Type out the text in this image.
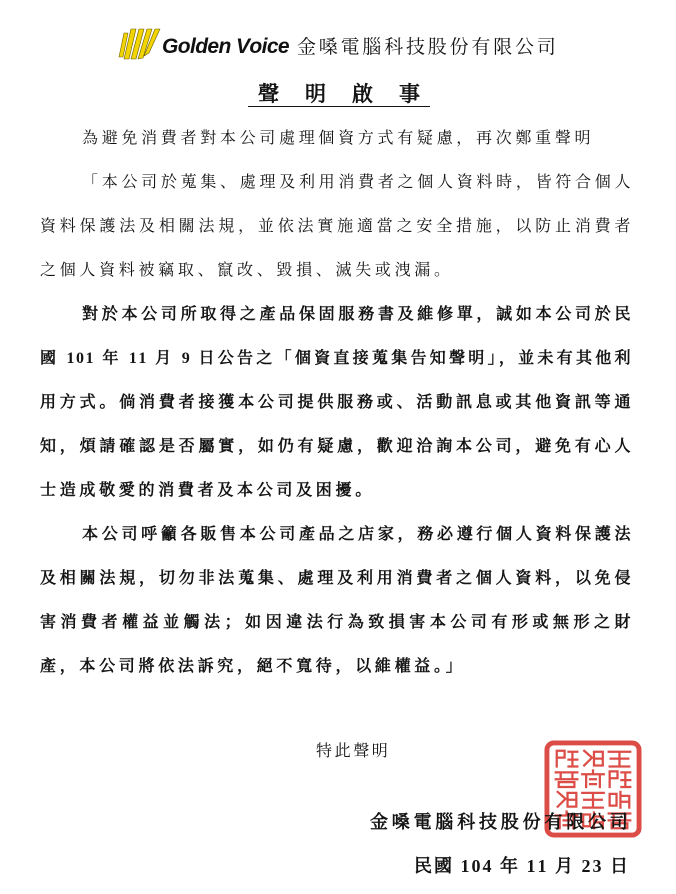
Golden Voice 金嗓電腦科技股份有限公司
聲明啟事
為避免消費者對本公司處理個資方式有疑慮，再次鄭重聲明
「本公司於蒐集、處理及利用消費者之個人資料時，皆符合個人
資料保護法及相關法規，並依法實施適當之安全措施，以防止消費者
之個人資料被竊取、竄改、毀損、滅失或洩漏。
對於本公司所取得之產品保固服務書及維修單，誠如本公司於民
國 101 年 11 月 9 日公告之「個資直接蒐集告知聲明」，並未有其他利
用方式。倘消費者接獲本公司提供服務或、活動訊息或其他資訊等通
知，煩請確認是否屬實，如仍有疑慮，歡迎洽詢本公司，避免有心人
士造成敬愛的消費者及本公司及困擾。
本公司呼籲各販售本公司產品之店家，務必遵行個人資料保護法
及相關法規，切勿非法蒐集、處理及利用消費者之個人資料，以免侵
害消費者權益並觸法；如因違法行為致損害本公司有形或無形之財
產，本公司將依法訴究，絕不寬待，以維權益。」
特此聲明
金嗓電腦科技股份有限公司
民國 104 年 11 月 23 日
